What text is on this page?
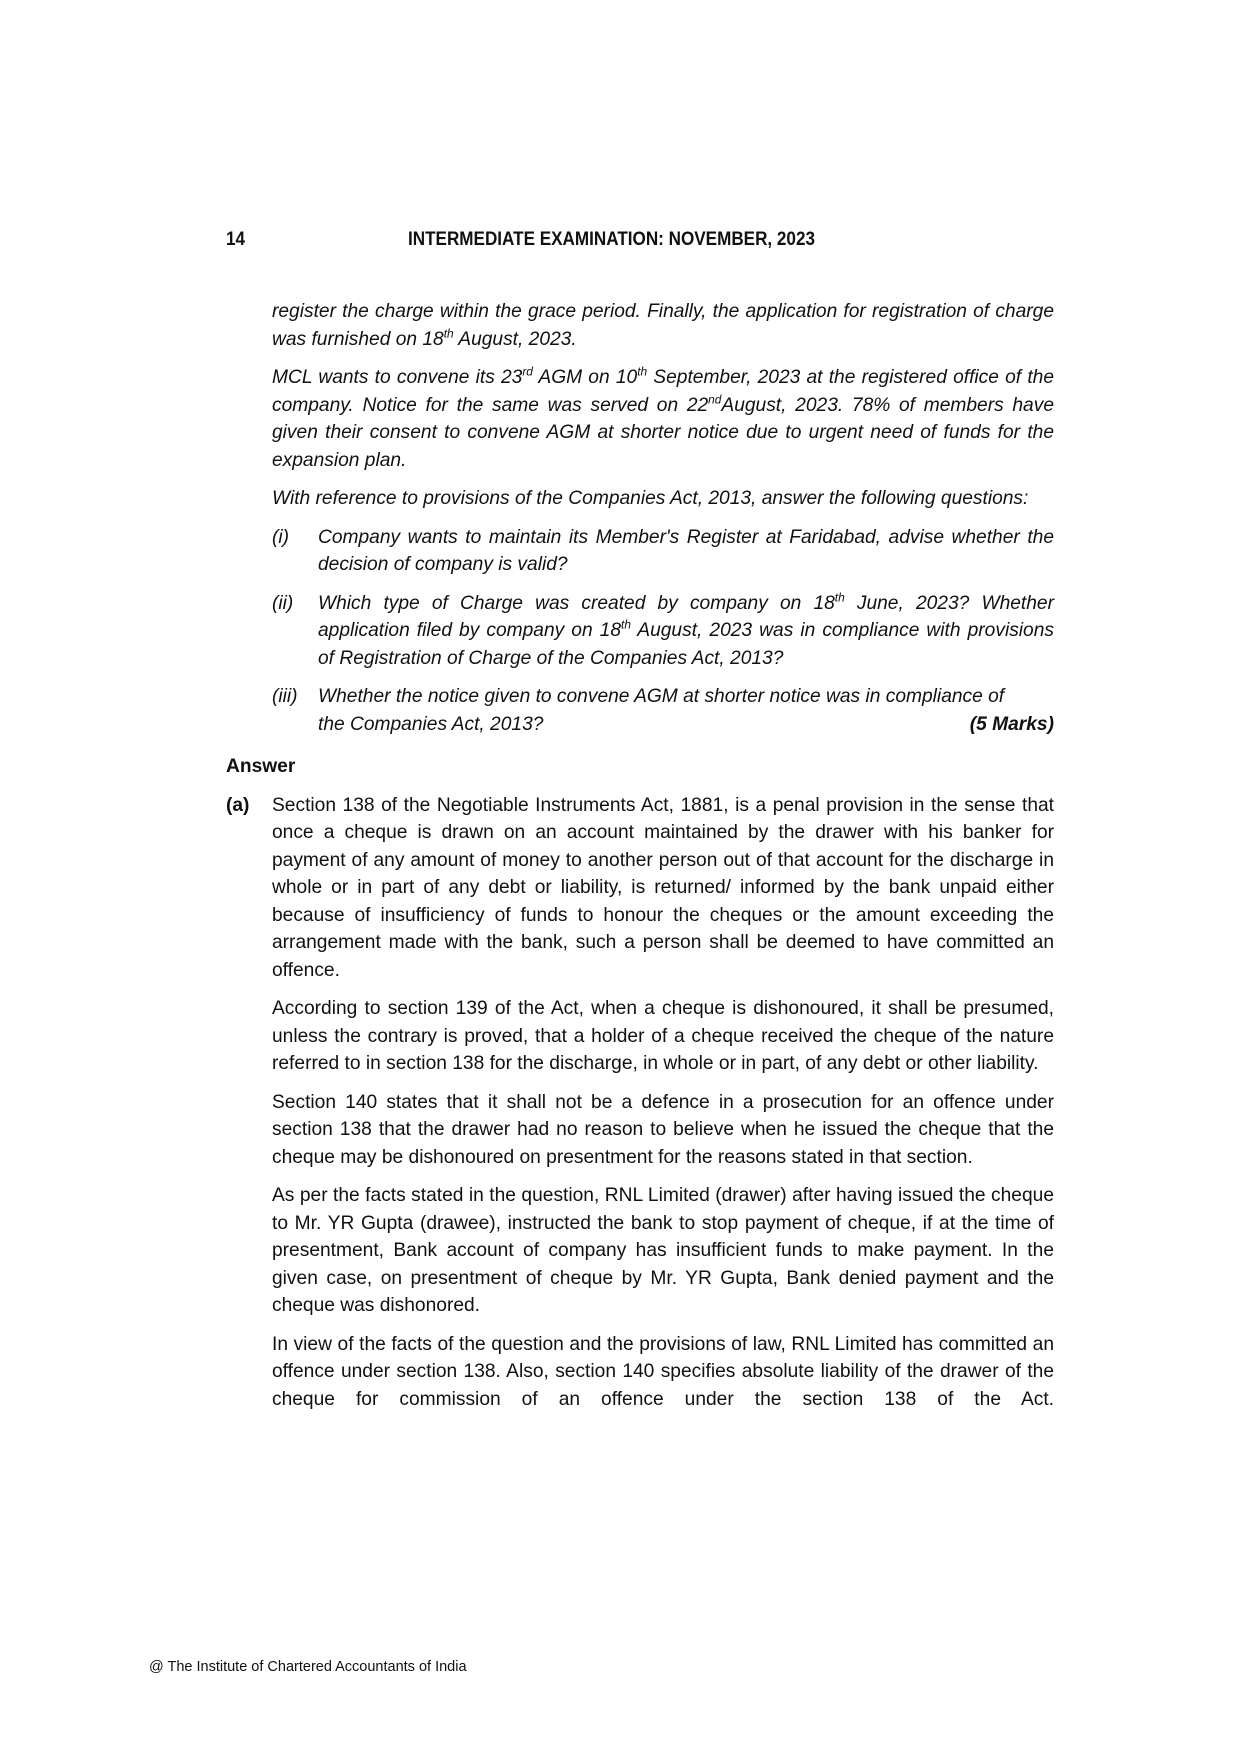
14	INTERMEDIATE EXAMINATION: NOVEMBER, 2023

register the charge within the grace period. Finally, the application for registration of charge was furnished on 18th August, 2023.

MCL wants to convene its 23rd AGM on 10th September, 2023 at the registered office of the company. Notice for the same was served on 22ndAugust, 2023. 78% of members have given their consent to convene AGM at shorter notice due to urgent need of funds for the expansion plan.

With reference to provisions of the Companies Act, 2013, answer the following questions:

(i)	Company wants to maintain its Member's Register at Faridabad, advise whether the decision of company is valid?
(ii)	Which type of Charge was created by company on 18th June, 2023? Whether application filed by company on 18th August, 2023 was in compliance with provisions of Registration of Charge of the Companies Act, 2013?
(iii)	Whether the notice given to convene AGM at shorter notice was in compliance of
the Companies Act, 2013?	(5 Marks)
Answer
(a)	Section 138 of the Negotiable Instruments Act, 1881, is a penal provision in the sense that once a cheque is drawn on an account maintained by the drawer with his banker for payment of any amount of money to another person out of that account for the discharge in whole or in part of any debt or liability, is returned/ informed by the bank unpaid either because of insufficiency of funds to honour the cheques or the amount exceeding the arrangement made with the bank, such a person shall be deemed to have committed an offence.

According to section 139 of the Act, when a cheque is dishonoured, it shall be presumed, unless the contrary is proved, that a holder of a cheque received the cheque of the nature referred to in section 138 for the discharge, in whole or in part, of any debt or other liability.

Section 140 states that it shall not be a defence in a prosecution for an offence under section 138 that the drawer had no reason to believe when he issued the cheque that the cheque may be dishonoured on presentment for the reasons stated in that section.

As per the facts stated in the question, RNL Limited (drawer) after having issued the cheque to Mr. YR Gupta (drawee), instructed the bank to stop payment of cheque, if at the time of presentment, Bank account of company has insufficient funds to make payment. In the given case, on presentment of cheque by Mr. YR Gupta, Bank denied payment and the cheque was dishonored.

In view of the facts of the question and the provisions of law, RNL Limited has committed an offence under section 138. Also, section 140 specifies absolute liability of the drawer of the cheque for commission of an offence under the section 138 of the Act.

@ The Institute of Chartered Accountants of India
